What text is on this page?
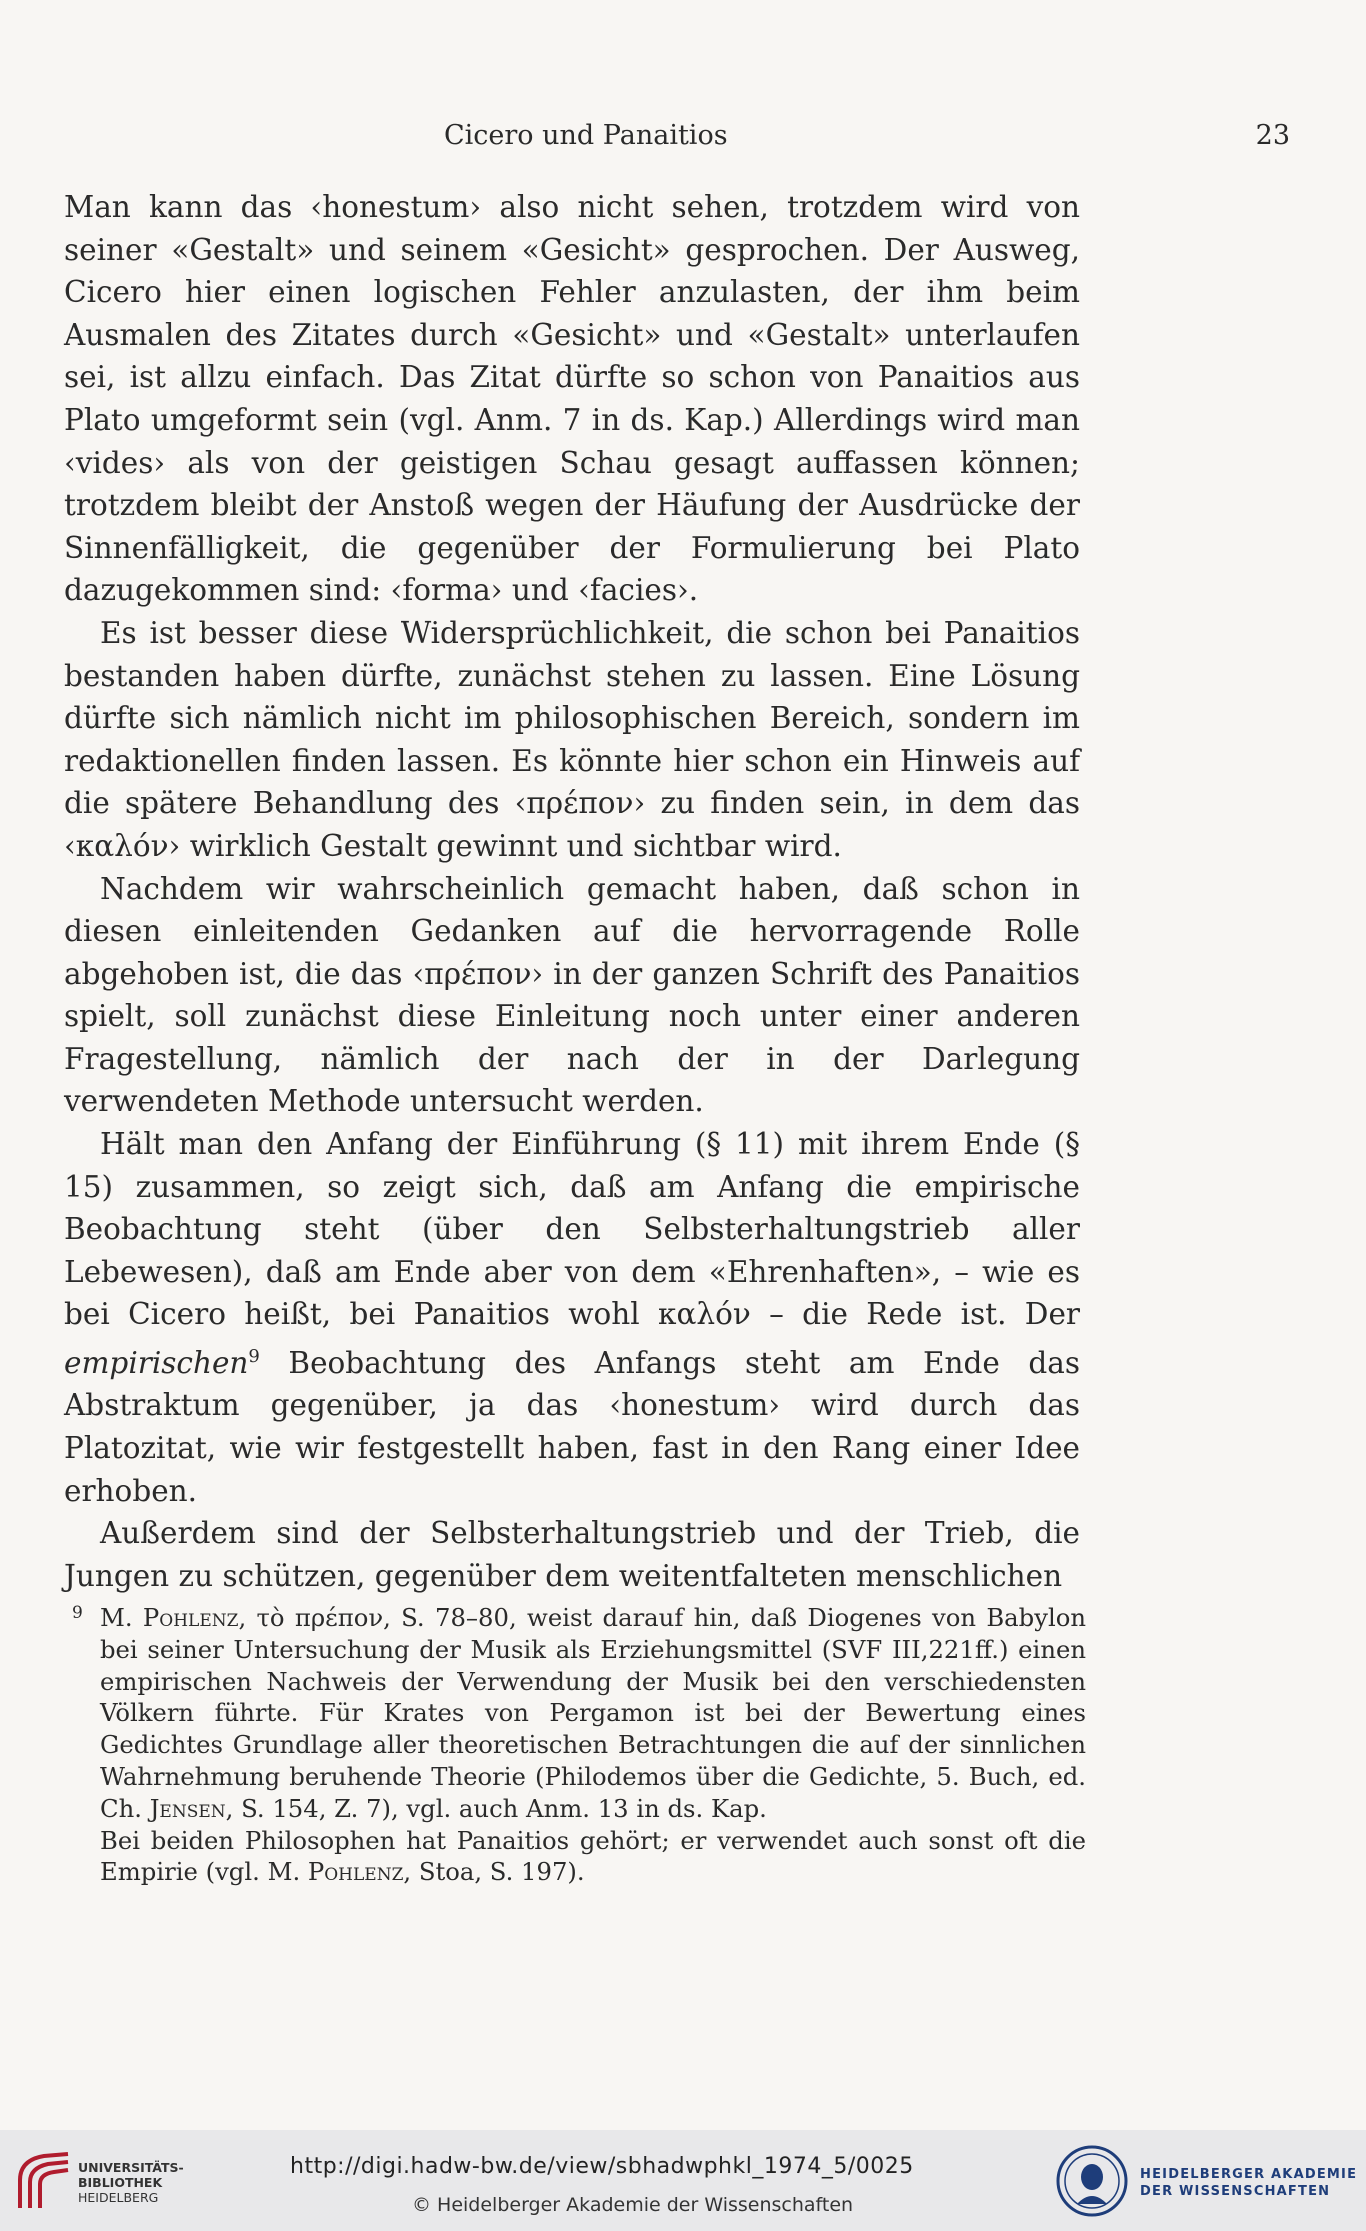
Cicero und Panaitios	23

Man kann das ‹honestum› also nicht sehen, trotzdem wird von seiner «Gestalt» und seinem «Gesicht» gesprochen. Der Ausweg, Cicero hier einen logischen Fehler anzulasten, der ihm beim Ausmalen des Zitates durch «Gesicht» und «Gestalt» unterlaufen sei, ist allzu einfach. Das Zitat dürfte so schon von Panaitios aus Plato umgeformt sein (vgl. Anm. 7 in ds. Kap.) Allerdings wird man ‹vides› als von der geistigen Schau gesagt auffassen können; trotzdem bleibt der Anstoß wegen der Häufung der Ausdrücke der Sinnenfälligkeit, die gegenüber der Formulierung bei Plato dazugekommen sind: ‹forma› und ‹facies›.

Es ist besser diese Widersprüchlichkeit, die schon bei Panaitios bestanden haben dürfte, zunächst stehen zu lassen. Eine Lösung dürfte sich nämlich nicht im philosophischen Bereich, sondern im redaktionellen finden lassen. Es könnte hier schon ein Hinweis auf die spätere Behandlung des ‹πρέπον› zu finden sein, in dem das ‹καλόν› wirklich Gestalt gewinnt und sichtbar wird.

Nachdem wir wahrscheinlich gemacht haben, daß schon in diesen einleitenden Gedanken auf die hervorragende Rolle abgehoben ist, die das ‹πρέπον› in der ganzen Schrift des Panaitios spielt, soll zunächst diese Einleitung noch unter einer anderen Fragestellung, nämlich der nach der in der Darlegung verwendeten Methode untersucht werden.

Hält man den Anfang der Einführung (§ 11) mit ihrem Ende (§ 15) zusammen, so zeigt sich, daß am Anfang die empirische Beobachtung steht (über den Selbsterhaltungstrieb aller Lebewesen), daß am Ende aber von dem «Ehrenhaften», – wie es bei Cicero heißt, bei Panaitios wohl καλόν – die Rede ist. Der empirischen$^9$ Beobachtung des Anfangs steht am Ende das Abstraktum gegenüber, ja das ‹honestum› wird durch das Platozitat, wie wir festgestellt haben, fast in den Rang einer Idee erhoben.

Außerdem sind der Selbsterhaltungstrieb und der Trieb, die Jungen zu schützen, gegenüber dem weitentfalteten menschlichen

9 M. Pohlenz, τὸ πρέπον, S. 78–80, weist darauf hin, daß Diogenes von Babylon bei seiner Untersuchung der Musik als Erziehungsmittel (SVF III,221ff.) einen empirischen Nachweis der Verwendung der Musik bei den verschiedensten Völkern führte. Für Krates von Pergamon ist bei der Bewertung eines Gedichtes Grundlage aller theoretischen Betrachtungen die auf der sinnlichen Wahrnehmung beruhende Theorie (Philodemos über die Gedichte, 5. Buch, ed. Ch. Jensen, S. 154, Z. 7), vgl. auch Anm. 13 in ds. Kap.

Bei beiden Philosophen hat Panaitios gehört; er verwendet auch sonst oft die Empirie (vgl. M. Pohlenz, Stoa, S. 197).

UNIVERSITÄTS-
BIBLIOTHEK
HEIDELBERG
http://digi.hadw-bw.de/view/sbhadwphkl_1974_5/0025
© Heidelberger Akademie der Wissenschaften
HEIDELBERGER AKADEMIE
DER WISSENSCHAFTEN
